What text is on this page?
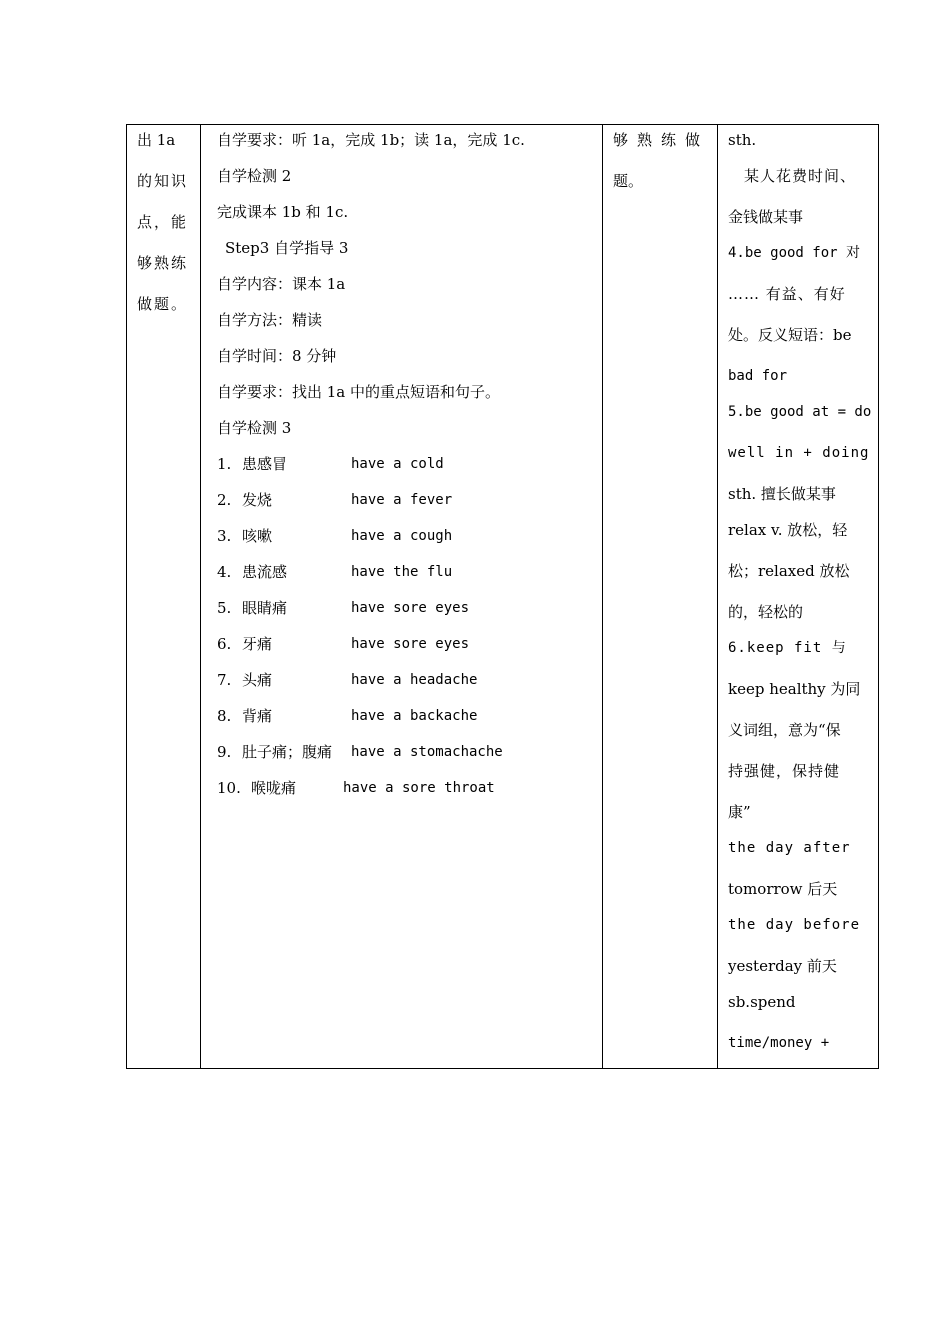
出 1a
的知识
点，能
够熟练
做题。
自学要求：听 1a，完成 1b；读 1a，完成 1c.
自学检测 2
完成课本 1b 和 1c.
Step3 自学指导 3
自学内容：课本 1a
自学方法：精读
自学时间：8 分钟
自学要求：找出 1a 中的重点短语和句子。
自学检测 3
1. 患感冒	have a cold
2. 发烧	have a fever
3. 咳嗽	have a cough
4. 患流感	have the flu
5. 眼睛痛	have sore eyes
6. 牙痛	have sore eyes
7. 头痛	have a headache
8. 背痛	have a backache
9. 肚子痛；腹痛 have a stomachache
10. 喉咙痛	have a sore throat
够熟练做
题。
sth.
某人花费时间、
金钱做某事
4.be good for 对
…… 有益、有好
处。反义短语：be
bad for
5.be good at = do
well in + doing
sth. 擅长做某事
relax v. 放松，轻
松；relaxed 放松
的，轻松的
6.keep fit 与
keep healthy 为同
义词组，意为“保
持强健，保持健
康”
the day after
tomorrow 后天
the day before
yesterday 前天
sb.spend
time/money +
